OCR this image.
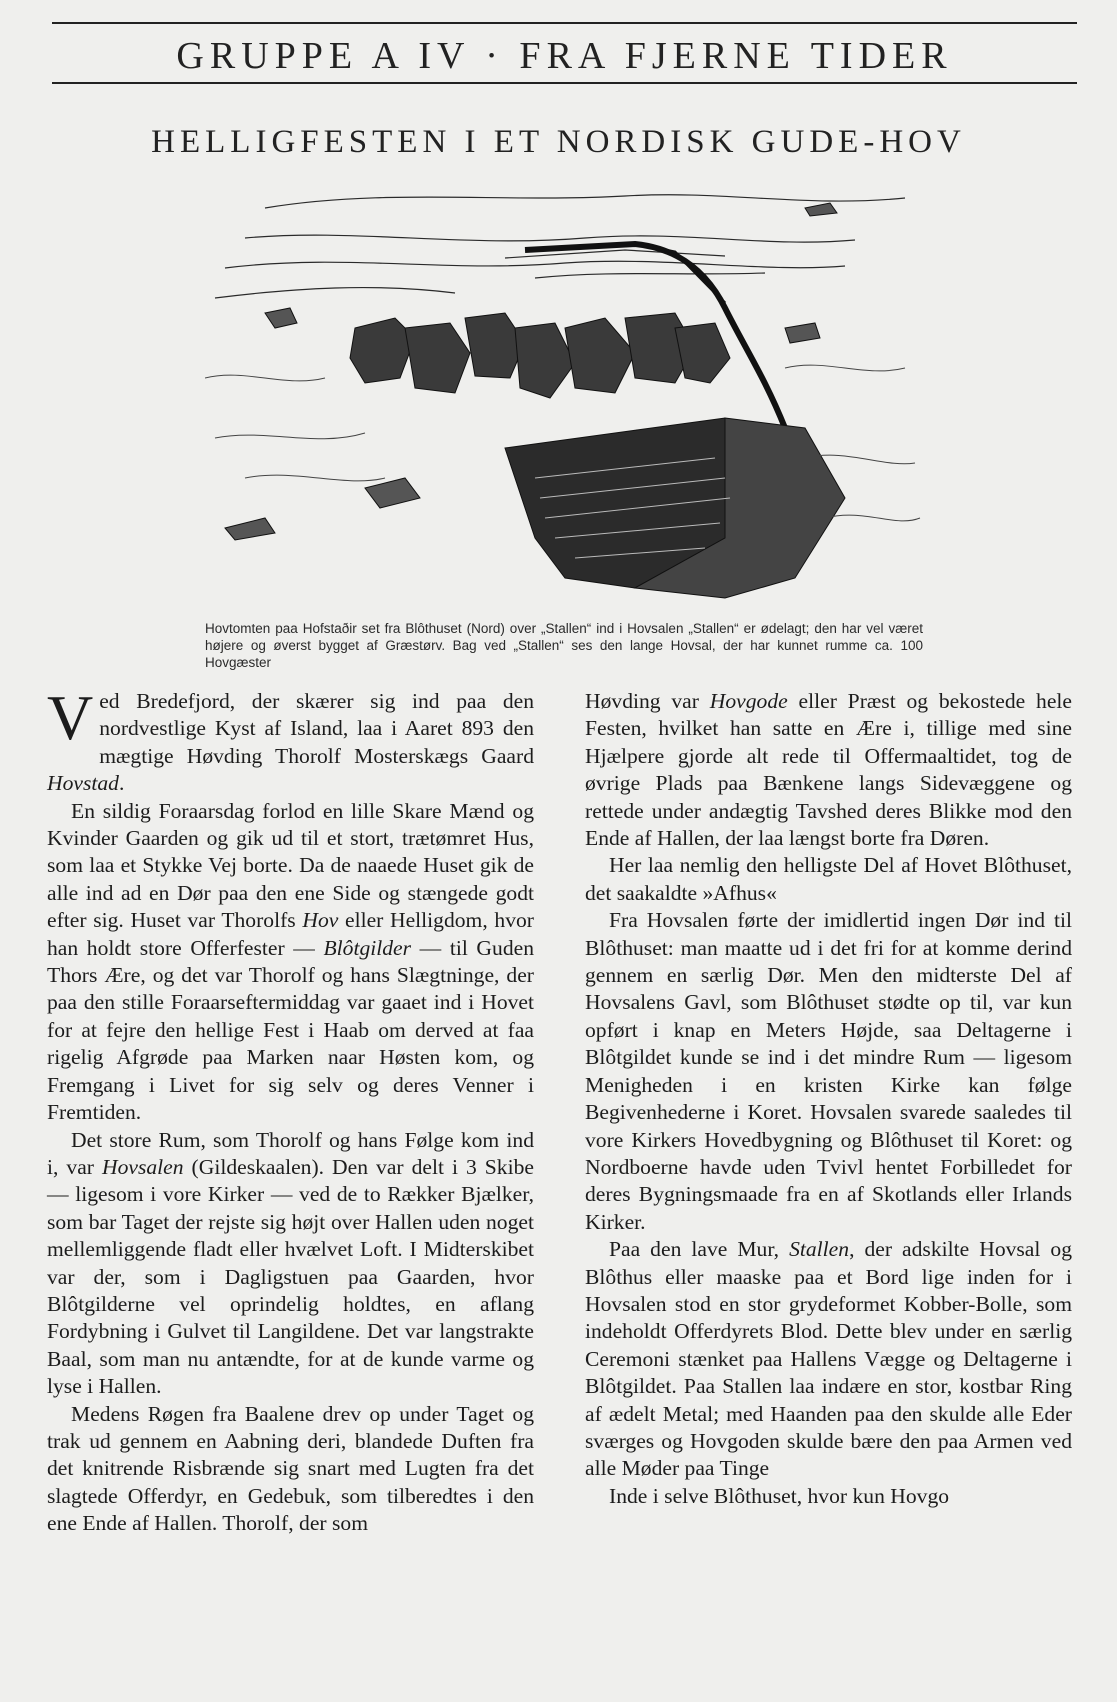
GRUPPE A IV · FRA FJERNE TIDER
HELLIGFESTEN I ET NORDISK GUDE-HOV
Hovtomten paa Hofstaðir set fra Blôthuset (Nord) over „Stallen“ ind i Hovsalen „Stallen“ er ødelagt; den har vel været højere og øverst bygget af Græstørv. Bag ved „Stallen“ ses den lange Hovsal, der har kunnet rumme ca. 100 Hovgæster

Ved Bredefjord, der skærer sig ind paa den nordvestlige Kyst af Island, laa i Aaret 893 den mægtige Høvding Thorolf Mosterskægs Gaard Hovstad.

En sildig Foraarsdag forlod en lille Skare Mænd og Kvinder Gaarden og gik ud til et stort, trætømret Hus, som laa et Stykke Vej borte. Da de naaede Huset gik de alle ind ad en Dør paa den ene Side og stængede godt efter sig. Huset var Thorolfs Hov eller Helligdom, hvor han holdt store Offerfester — Blôtgilder — til Guden Thors Ære, og det var Thorolf og hans Slægtninge, der paa den stille Foraarseftermiddag var gaaet ind i Hovet for at fejre den hellige Fest i Haab om derved at faa rigelig Afgrøde paa Marken naar Høsten kom, og Fremgang i Livet for sig selv og deres Venner i Fremtiden.

Det store Rum, som Thorolf og hans Følge kom ind i, var Hovsalen (Gildeskaalen). Den var delt i 3 Skibe — ligesom i vore Kirker — ved de to Rækker Bjælker, som bar Taget der rejste sig højt over Hallen uden noget mellemliggende fladt eller hvælvet Loft. I Midterskibet var der, som i Dagligstuen paa Gaarden, hvor Blôtgilderne vel oprindelig holdtes, en aflang Fordybning i Gulvet til Langildene. Det var langstrakte Baal, som man nu antændte, for at de kunde varme og lyse i Hallen.

Medens Røgen fra Baalene drev op under Taget og trak ud gennem en Aabning deri, blandede Duften fra det knitrende Risbrænde sig snart med Lugten fra det slagtede Offerdyr, en Gedebuk, som tilberedtes i den ene Ende af Hallen. Thorolf, der som

Høvding var Hovgode eller Præst og bekostede hele Festen, hvilket han satte en Ære i, tillige med sine Hjælpere gjorde alt rede til Offermaaltidet, tog de øvrige Plads paa Bænkene langs Sidevæggene og rettede under andægtig Tavshed deres Blikke mod den Ende af Hallen, der laa længst borte fra Døren.

Her laa nemlig den helligste Del af Hovet Blôthuset, det saakaldte »Afhus«

Fra Hovsalen førte der imidlertid ingen Dør ind til Blôthuset: man maatte ud i det fri for at komme derind gennem en særlig Dør. Men den midterste Del af Hovsalens Gavl, som Blôthuset stødte op til, var kun opført i knap en Meters Højde, saa Deltagerne i Blôtgildet kunde se ind i det mindre Rum — ligesom Menigheden i en kristen Kirke kan følge Begivenhederne i Koret. Hovsalen svarede saaledes til vore Kirkers Hovedbygning og Blôthuset til Koret: og Nordboerne havde uden Tvivl hentet Forbilledet for deres Bygningsmaade fra en af Skotlands eller Irlands Kirker.

Paa den lave Mur, Stallen, der adskilte Hovsal og Blôthus eller maaske paa et Bord lige inden for i Hovsalen stod en stor grydeformet Kobber-Bolle, som indeholdt Offerdyrets Blod. Dette blev under en særlig Ceremoni stænket paa Hallens Vægge og Deltagerne i Blôtgildet. Paa Stallen laa indære en stor, kostbar Ring af ædelt Metal; med Haanden paa den skulde alle Eder sværges og Hovgoden skulde bære den paa Armen ved alle Møder paa Tinge

Inde i selve Blôthuset, hvor kun Hovgo
